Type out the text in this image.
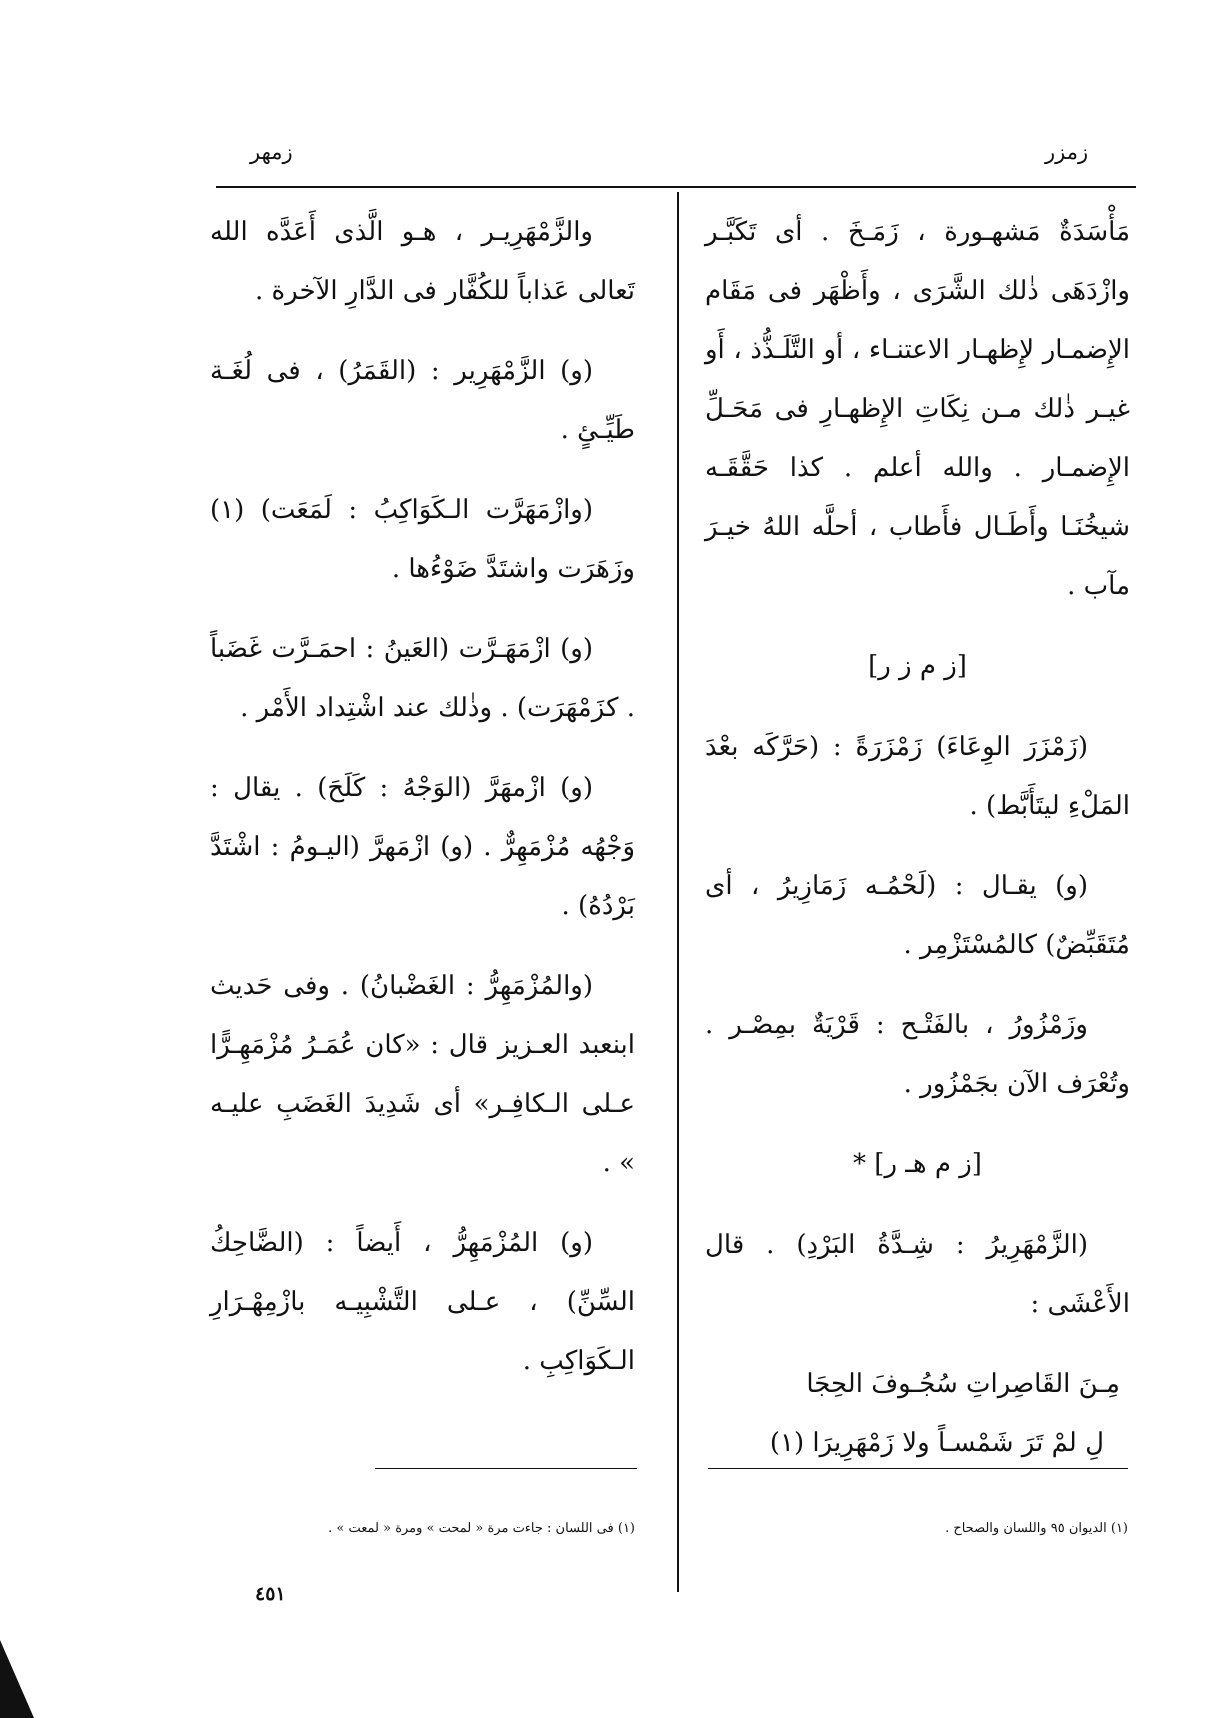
زمزر
زمهر

مَأْسَدَةٌ مَشهـورة ، زَمَـخَ . أى تَكَبَّـر وازْدَهَى ذٰلك الشَّرَى ، وأَظْهَر فى مَقَام الإِضمـار لإِظهـار الاعتنـاء ، أو التَّلَـذُّذ ، أَو غيـر ذٰلك مـن نِكَاتِ الإِظهـارِ فى مَحَـلِّ الإِضمـار . والله أعلم . كذا حَقَّقَـه شيخُنَـا وأَطَـال فأَطاب ، أحلَّه اللهُ خيـرَ مآب .

[ز م ز ر]

(زَمْزَرَ الوِعَاءَ) زَمْزَرَةً : (حَرَّكَه بعْدَ المَلْءِ ليتَأَبَّط) .

(و) يقـال : (لَحْمُـه زَمَازِيرُ ، أى مُتَقَبِّضٌ) كالمُسْتَزْمِر .

وزَمْزُورُ ، بالفَتْـح : قَرْيَةٌ بمِصْـر . وتُعْرَف الآن بجَمْزُور .

[ز م هـ ر] *

(الزَّمْهَرِيرُ : شِـدَّةُ البَرْدِ) . قال الأَعْشَى :

مِـنَ القَاصِراتِ سُجُـوفَ الحِجَا

لِ لمْ تَرَ شَمْسـاً ولا زَمْهَرِيرَا (١)

والزَّمْهَرِيـر ، هـو الَّذى أَعَدَّه الله تَعالى عَذاباً للكُفَّار فى الدَّارِ الآخرة .

(و) الزَّمْهَرِير : (القَمَرُ) ، فى لُغَـة طَيِّـئٍ .

(وازْمَهَرَّت الـكَوَاكِبُ : لَمَعَت) (١) وزَهَرَت واشتَدَّ ضَوْءُها .

(و) ازْمَهَـرَّت (العَينُ : احمَـرَّت غَضَباً . كزَمْهَرَت) . وذٰلك عند اشْتِداد الأَمْر .

(و) ازْمهَرَّ (الوَجْهُ : كَلَحَ) . يقال : وَجْهُه مُزْمَهِرٌّ . (و) ازْمَهرَّ (اليـومُ : اشْتَدَّ بَرْدُهُ) .

(والمُزْمَهِرُّ : الغَضْبانُ) . وفى حَديث ابنعبد العـزيز قال : «كان عُمَـرُ مُزْمَهِـرًّا عـلى الـكافِـر» أى شَدِيدَ الغَضَبِ عليـه » .

(و) المُزْمَهِرُّ ، أَيضاً : (الضَّاحِكُ السِّنِّ) ، عـلى التَّشْبِيـه بازْمِهْـرَارِ الـكَوَاكِبِ .

(١) الديوان ٩٥ واللسان والصحاح .
(١) فى اللسان : جاءت مرة « لمحت » ومرة « لمعت » .
٤٥١
